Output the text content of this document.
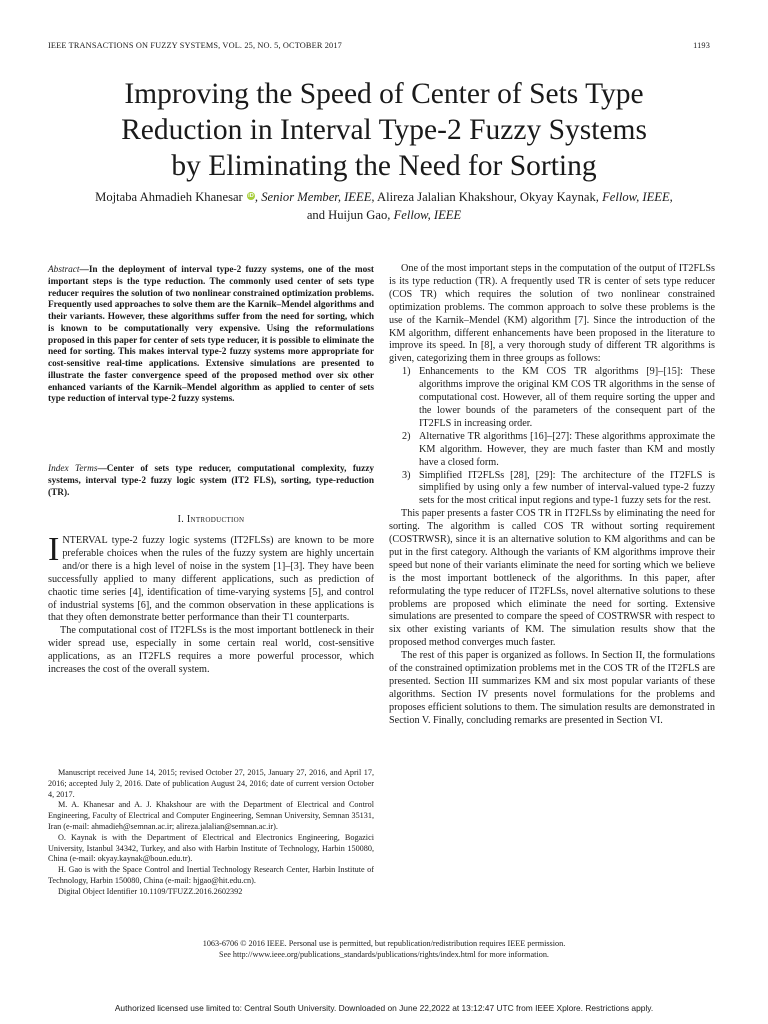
IEEE TRANSACTIONS ON FUZZY SYSTEMS, VOL. 25, NO. 5, OCTOBER 2017	1193
Improving the Speed of Center of Sets Type
Reduction in Interval Type-2 Fuzzy Systems
by Eliminating the Need for Sorting
Mojtaba Ahmadieh Khanesar iD, Senior Member, IEEE, Alireza Jalalian Khakshour, Okyay Kaynak, Fellow, IEEE,
and Huijun Gao, Fellow, IEEE
Abstract—In the deployment of interval type-2 fuzzy systems, one of the most important steps is the type reduction. The commonly used center of sets type reducer requires the solution of two nonlinear constrained optimization problems. Frequently used approaches to solve them are the Karnik–Mendel algorithms and their variants. However, these algorithms suffer from the need for sorting, which is known to be computationally very expensive. Using the reformulations proposed in this paper for center of sets type reducer, it is possible to eliminate the need for sorting. This makes interval type-2 fuzzy systems more appropriate for cost-sensitive real-time applications. Extensive simulations are presented to illustrate the faster convergence speed of the proposed method over six other enhanced variants of the Karnik–Mendel algorithm as applied to center of sets type reduction of interval type-2 fuzzy systems.
Index Terms—Center of sets type reducer, computational complexity, fuzzy systems, interval type-2 fuzzy logic system (IT2 FLS), sorting, type-reduction (TR).
I. Introduction

INTERVAL type-2 fuzzy logic systems (IT2FLSs) are known to be more preferable choices when the rules of the fuzzy system are highly uncertain and/or there is a high level of noise in the system [1]–[3]. They have been successfully applied to many different applications, such as prediction of chaotic time series [4], identification of time-varying systems [5], and control of industrial systems [6], and the common observation in these applications is that they often demonstrate better performance than their T1 counterparts.

The computational cost of IT2FLSs is the most important bottleneck in their wider spread use, especially in some certain real world, cost-sensitive applications, as an IT2FLS requires a more powerful processor, which increases the cost of the overall system.

Manuscript received June 14, 2015; revised October 27, 2015, January 27, 2016, and April 17, 2016; accepted July 2, 2016. Date of publication August 24, 2016; date of current version October 4, 2017.

M. A. Khanesar and A. J. Khakshour are with the Department of Electrical and Control Engineering, Faculty of Electrical and Computer Engineering, Semnan University, Semnan 35131, Iran (e-mail: ahmadieh@semnan.ac.ir; alireza.jalalian@semnan.ac.ir).

O. Kaynak is with the Department of Electrical and Electronics Engineering, Bogazici University, Istanbul 34342, Turkey, and also with Harbin Institute of Technology, Harbin 150080, China (e-mail: okyay.kaynak@boun.edu.tr).

H. Gao is with the Space Control and Inertial Technology Research Center, Harbin Institute of Technology, Harbin 150080, China (e-mail: hjgao@hit.edu.cn).

Digital Object Identifier 10.1109/TFUZZ.2016.2602392

One of the most important steps in the computation of the output of IT2FLSs is its type reduction (TR). A frequently used TR is center of sets type reducer (COS TR) which requires the solution of two nonlinear constrained optimization problems. The common approach to solve these problems is the use of the Karnik–Mendel (KM) algorithm [7]. Since the introduction of the KM algorithm, different enhancements have been proposed in the literature to improve its speed. In [8], a very thorough study of different TR algorithms is given, categorizing them in three groups as follows:

1) Enhancements to the KM COS TR algorithms [9]–[15]: These algorithms improve the original KM COS TR algorithms in the sense of computational cost. However, all of them require sorting the upper and the lower bounds of the parameters of the consequent part of the IT2FLS in increasing order.
2) Alternative TR algorithms [16]–[27]: These algorithms approximate the KM algorithm. However, they are much faster than KM and mostly have a closed form.
3) Simplified IT2FLSs [28], [29]: The architecture of the IT2FLS is simplified by using only a few number of interval-valued type-2 fuzzy sets for the most critical input regions and type-1 fuzzy sets for the rest.

This paper presents a faster COS TR in IT2FLSs by eliminating the need for sorting. The algorithm is called COS TR without sorting requirement (COSTRWSR), since it is an alternative solution to KM algorithms and can be put in the first category. Although the variants of KM algorithms improve their speed but none of their variants eliminate the need for sorting which we believe is the most important bottleneck of the algorithms. In this paper, after reformulating the type reducer of IT2FLSs, novel alternative solutions to these problems are proposed which eliminate the need for sorting. Extensive simulations are presented to compare the speed of COSTRWSR with respect to six other existing variants of KM. The simulation results show that the proposed method converges much faster.

The rest of this paper is organized as follows. In Section II, the formulations of the constrained optimization problems met in the COS TR of the IT2FLS are presented. Section III summarizes KM and six most popular variants of these algorithms. Section IV presents novel formulations for the problems and proposes efficient solutions to them. The simulation results are demonstrated in Section V. Finally, concluding remarks are presented in Section VI.

1063-6706 © 2016 IEEE. Personal use is permitted, but republication/redistribution requires IEEE permission.
See http://www.ieee.org/publications_standards/publications/rights/index.html for more information.
Authorized licensed use limited to: Central South University. Downloaded on June 22,2022 at 13:12:47 UTC from IEEE Xplore. Restrictions apply.
